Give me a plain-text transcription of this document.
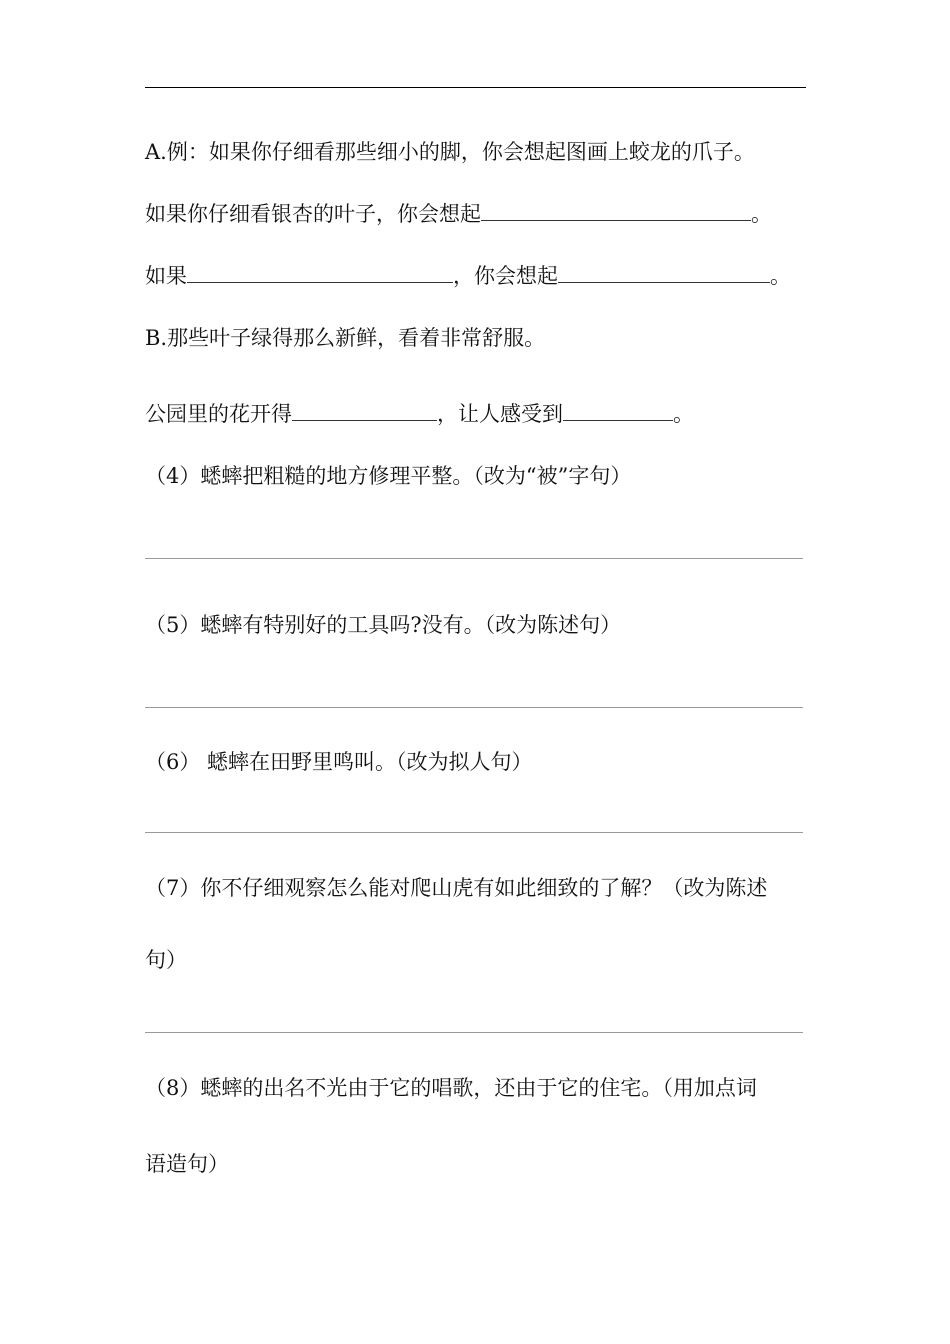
A.例：如果你仔细看那些细小的脚，你会想起图画上蛟龙的爪子。
如果你仔细看银杏的叶子，你会想起	。
如果	，你会想起	。
B.那些叶子绿得那么新鲜，看着非常舒服。
公园里的花开得	，让人感受到	。
（4）蟋蟀把粗糙的地方修理平整。（改为“被”字句）
（5）蟋蟀有特别好的工具吗?没有。（改为陈述句）
（6） 蟋蟀在田野里鸣叫。（改为拟人句）
（7）你不仔细观察怎么能对爬山虎有如此细致的了解？（改为陈述
句）
（8）蟋蟀的出名不光由于它的唱歌，还由于它的住宅。（用加点词
语造句）
